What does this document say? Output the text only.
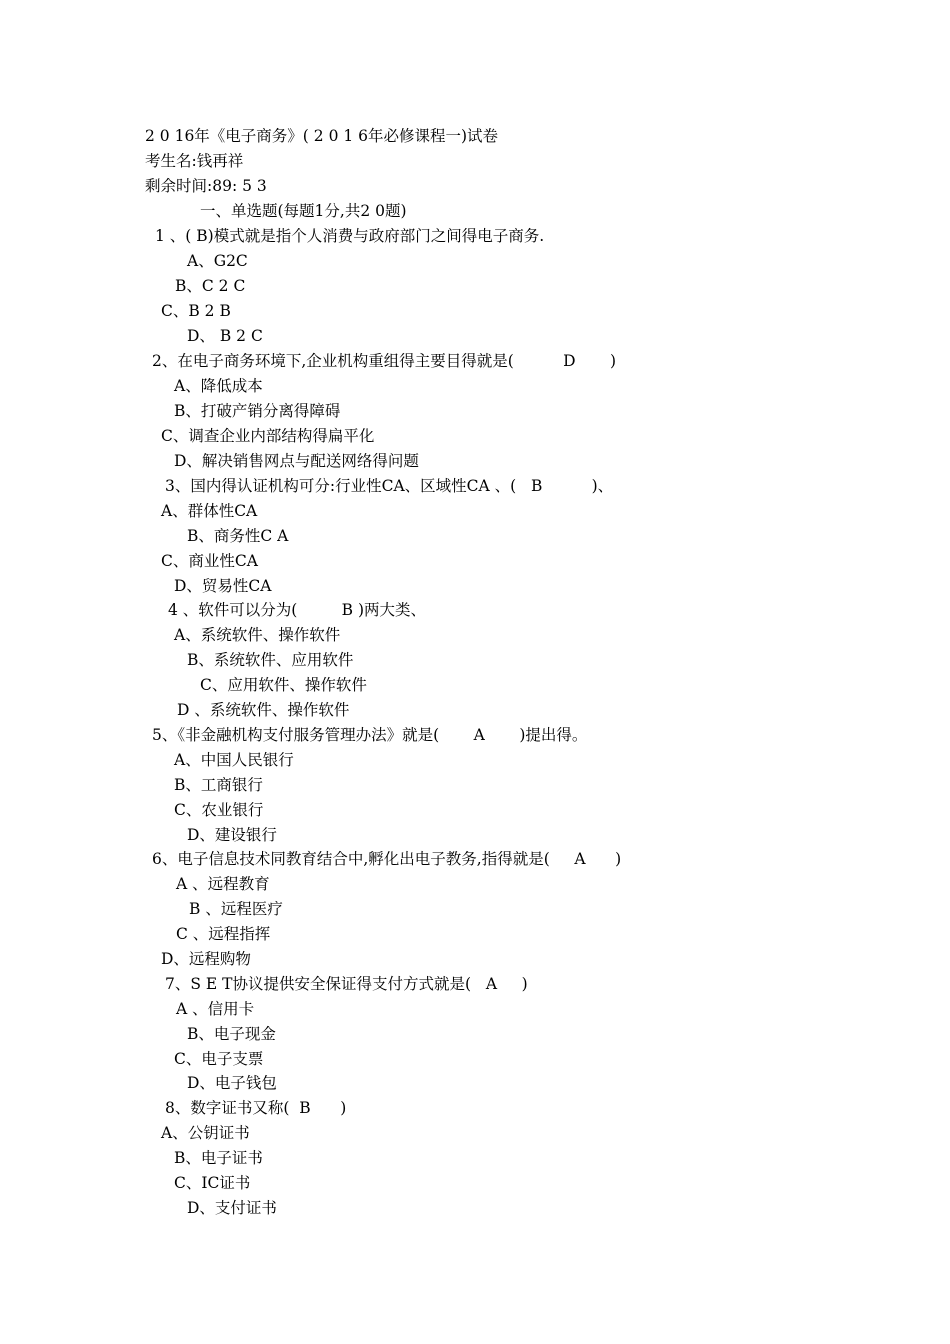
2 0 16年《电子商务》( 2 0 1 6年必修课程一)试卷
考生名:钱再祥
剩余时间:89: 5 3
一、单选题(每题1分,共2 0题)
1 、( B)模式就是指个人消费与政府部门之间得电子商务.
A、G2C
B、C 2 C
C、B 2 B
D、 B 2 C
2、在电子商务环境下,企业机构重组得主要目得就是(          D       )
A、降低成本
B、打破产销分离得障碍
C、调查企业内部结构得扁平化
D、解决销售网点与配送网络得问题
3、国内得认证机构可分:行业性CA、区域性CA 、(   B          )、
A、群体性CA
B、商务性C A
C、商业性CA
D、贸易性CA
4 、软件可以分为(         B )两大类、
A、系统软件、操作软件
B、系统软件、应用软件
C、应用软件、操作软件
D 、系统软件、操作软件
5、《非金融机构支付服务管理办法》就是(       A       )提出得。
A、中国人民银行
B、工商银行
C、农业银行
D、建设银行
6、电子信息技术同教育结合中,孵化出电子教务,指得就是(     A      )
A 、远程教育
B 、远程医疗
C 、远程指挥
D、远程购物
7、S E T协议提供安全保证得支付方式就是(   A     )
A 、信用卡
B、电子现金
C、电子支票
D、电子钱包
8、数字证书又称(  B      )
A、公钥证书
B、电子证书
C、IC证书
D、支付证书
